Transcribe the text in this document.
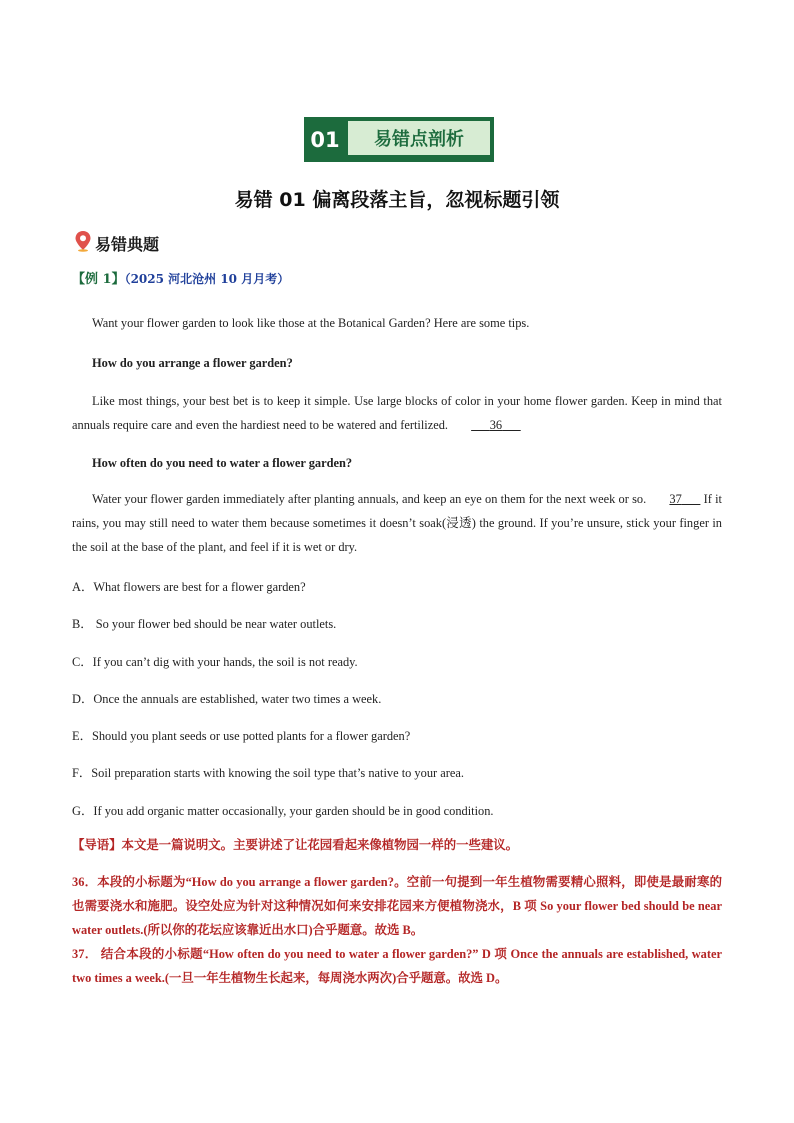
01	易错点剖析
易错 01 偏离段落主旨，忽视标题引领
易错典题
【例 1】（2025 河北沧州 10 月月考）
Want your flower garden to look like those at the Botanical Garden? Here are some tips.
How do you arrange a flower garden?
Like most things, your best bet is to keep it simple. Use large blocks of color in your home flower garden. Keep in mind that annuals require care and even the hardiest need to be watered and fertilized.	36
How often do you need to water a flower garden?
Water your flower garden immediately after planting annuals, and keep an eye on them for the next week or so. 37 If it rains, you may still need to water them because sometimes it doesn’t soak(浸透) the ground. If you’re unsure, stick your finger in the soil at the base of the plant, and feel if it is wet or dry.
A．What flowers are best for a flower garden?
B． So your flower bed should be near water outlets.
C．If you can’t dig with your hands, the soil is not ready.
D．Once the annuals are established, water two times a week.
E．Should you plant seeds or use potted plants for a flower garden?
F．Soil preparation starts with knowing the soil type that’s native to your area.
G．If you add organic matter occasionally, your garden should be in good condition.
【导语】本文是一篇说明文。主要讲述了让花园看起来像植物园一样的一些建议。
36．本段的小标题为“How do you arrange a flower garden?。空前一句提到一年生植物需要精心照料，即使是最耐寒的也需要浇水和施肥。设空处应为针对这种情况如何来安排花园来方便植物浇水，B 项 So your flower bed should be near water outlets.(所以你的花坛应该靠近出水口)合乎题意。故选 B。
37． 结合本段的小标题“How often do you need to water a flower garden?” D 项 Once the annuals are established, water two times a week.(一旦一年生植物生长起来，每周浇水两次)合乎题意。故选 D。
